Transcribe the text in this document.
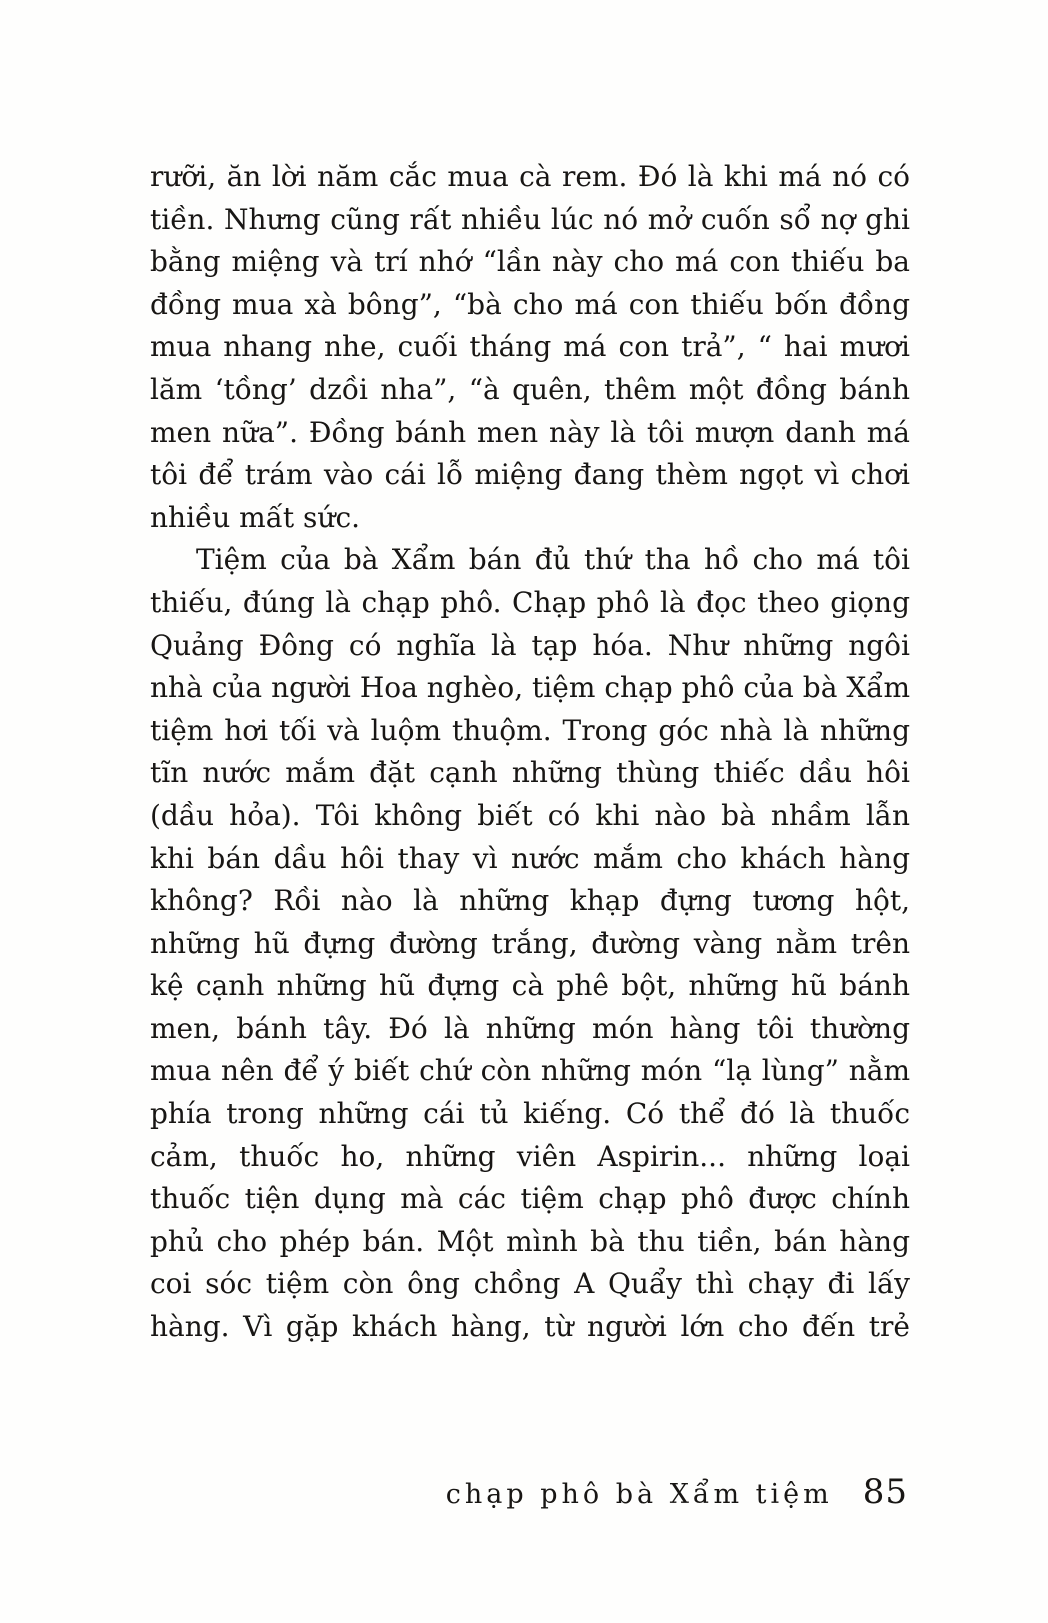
rưỡi, ăn lời năm cắc mua cà rem. Đó là khi má nó có
tiền. Nhưng cũng rất nhiều lúc nó mở cuốn sổ nợ ghi
bằng miệng và trí nhớ “lần này cho má con thiếu ba
đồng mua xà bông”, “bà cho má con thiếu bốn đồng
mua nhang nhe, cuối tháng má con trả”, “ hai mươi
lăm ‘tồng’ dzồi nha”, “à quên, thêm một đồng bánh
men nữa”. Đồng bánh men này là tôi mượn danh má
tôi để trám vào cái lỗ miệng đang thèm ngọt vì chơi
nhiều mất sức.
Tiệm của bà Xẩm bán đủ thứ tha hồ cho má tôi
thiếu, đúng là chạp phô. Chạp phô là đọc theo giọng
Quảng Đông có nghĩa là tạp hóa. Như những ngôi
nhà của người Hoa nghèo, tiệm chạp phô của bà Xẩm
tiệm hơi tối và luộm thuộm. Trong góc nhà là những
tĩn nước mắm đặt cạnh những thùng thiếc dầu hôi
(dầu hỏa). Tôi không biết có khi nào bà nhầm lẫn
khi bán dầu hôi thay vì nước mắm cho khách hàng
không? Rồi nào là những khạp đựng tương hột,
những hũ đựng đường trắng, đường vàng nằm trên
kệ cạnh những hũ đựng cà phê bột, những hũ bánh
men, bánh tây. Đó là những món hàng tôi thường
mua nên để ý biết chứ còn những món “lạ lùng” nằm
phía trong những cái tủ kiếng. Có thể đó là thuốc
cảm, thuốc ho, những viên Aspirin... những loại
thuốc tiện dụng mà các tiệm chạp phô được chính
phủ cho phép bán. Một mình bà thu tiền, bán hàng
coi sóc tiệm còn ông chồng A Quẩy thì chạy đi lấy
hàng. Vì gặp khách hàng, từ người lớn cho đến trẻ
chạp phô bà Xẩm tiệm 85
